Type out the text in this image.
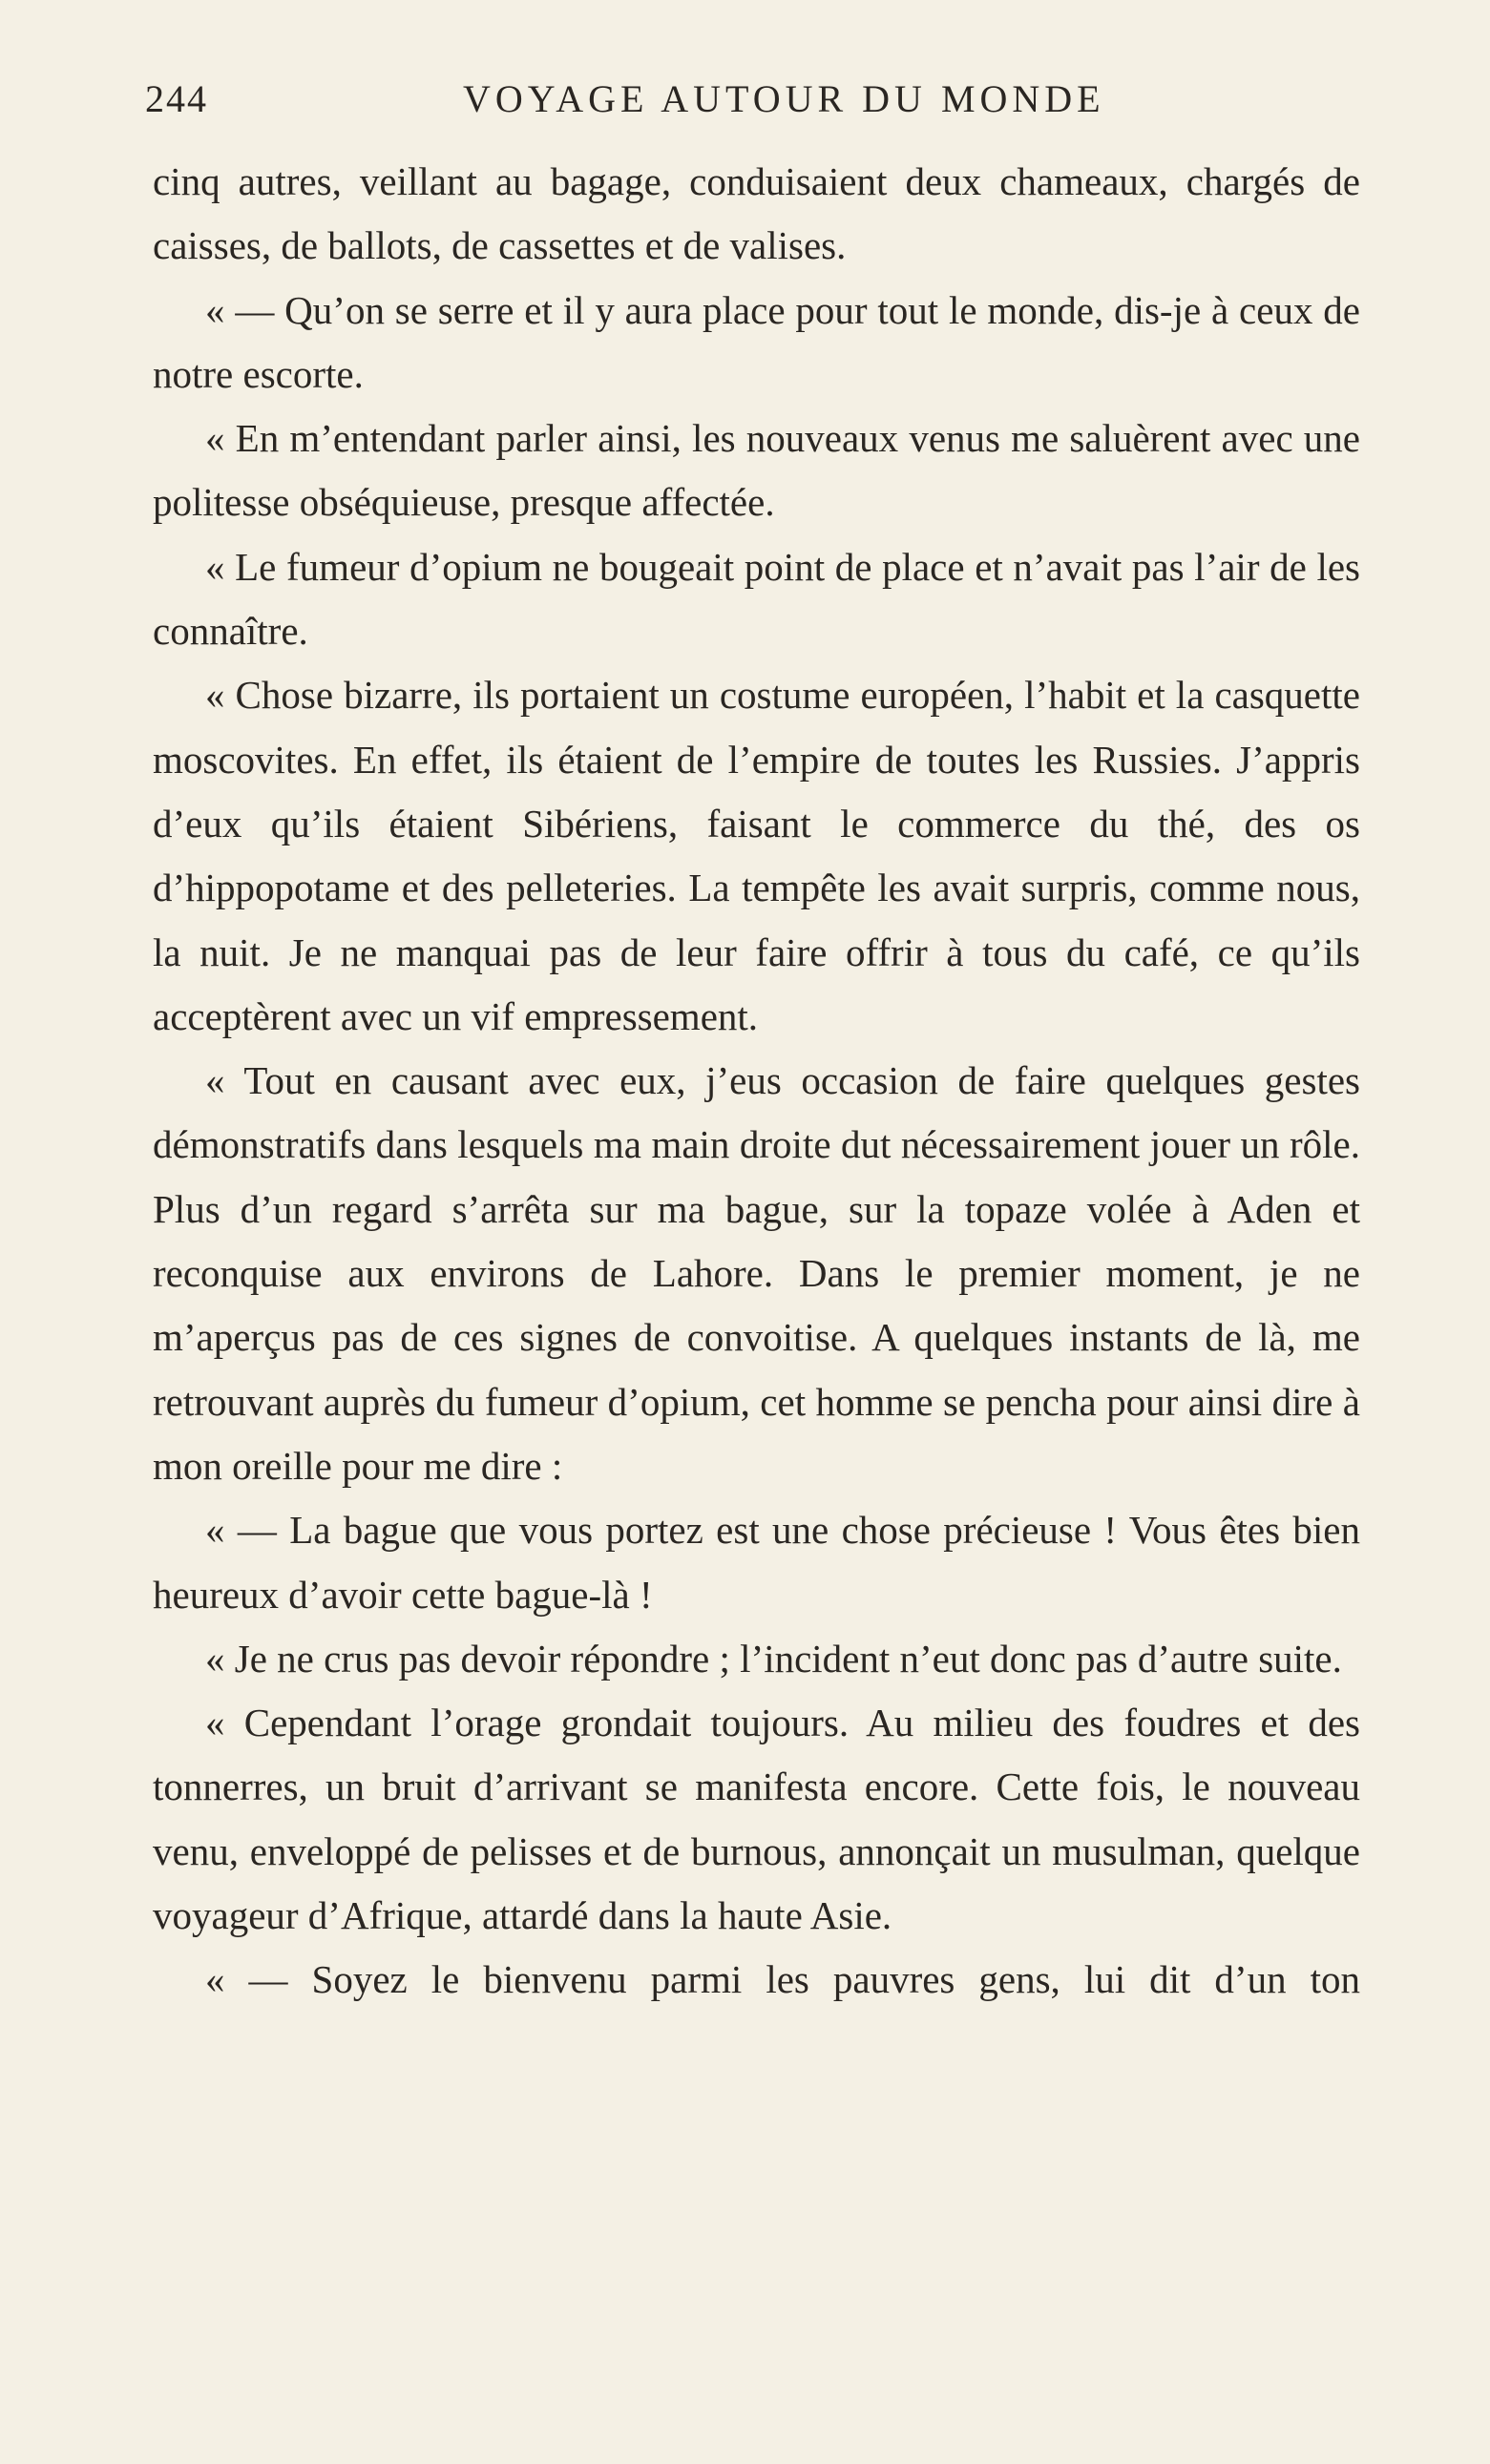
244	VOYAGE AUTOUR DU MONDE

cinq autres, veillant au bagage, conduisaient deux chameaux, chargés de caisses, de ballots, de cassettes et de valises.

« — Qu’on se serre et il y aura place pour tout le monde, dis-je à ceux de notre escorte.

« En m’entendant parler ainsi, les nouveaux venus me saluèrent avec une politesse obséquieuse, presque affectée.

« Le fumeur d’opium ne bougeait point de place et n’avait pas l’air de les connaître.

« Chose bizarre, ils portaient un costume européen, l’habit et la casquette moscovites. En effet, ils étaient de l’empire de toutes les Russies. J’appris d’eux qu’ils étaient Sibériens, faisant le commerce du thé, des os d’hippopotame et des pelleteries. La tempête les avait surpris, comme nous, la nuit. Je ne manquai pas de leur faire offrir à tous du café, ce qu’ils acceptèrent avec un vif empressement.

« Tout en causant avec eux, j’eus occasion de faire quelques gestes démonstratifs dans lesquels ma main droite dut nécessairement jouer un rôle. Plus d’un regard s’arrêta sur ma bague, sur la topaze volée à Aden et reconquise aux environs de Lahore. Dans le premier moment, je ne m’aperçus pas de ces signes de convoitise. A quelques instants de là, me retrouvant auprès du fumeur d’opium, cet homme se pencha pour ainsi dire à mon oreille pour me dire :

« — La bague que vous portez est une chose précieuse ! Vous êtes bien heureux d’avoir cette bague-là !

« Je ne crus pas devoir répondre ; l’incident n’eut donc pas d’autre suite.

« Cependant l’orage grondait toujours. Au milieu des foudres et des tonnerres, un bruit d’arrivant se manifesta encore. Cette fois, le nouveau venu, enveloppé de pelisses et de burnous, annonçait un musulman, quelque voyageur d’Afrique, attardé dans la haute Asie.

« — Soyez le bienvenu parmi les pauvres gens, lui dit d’un ton
